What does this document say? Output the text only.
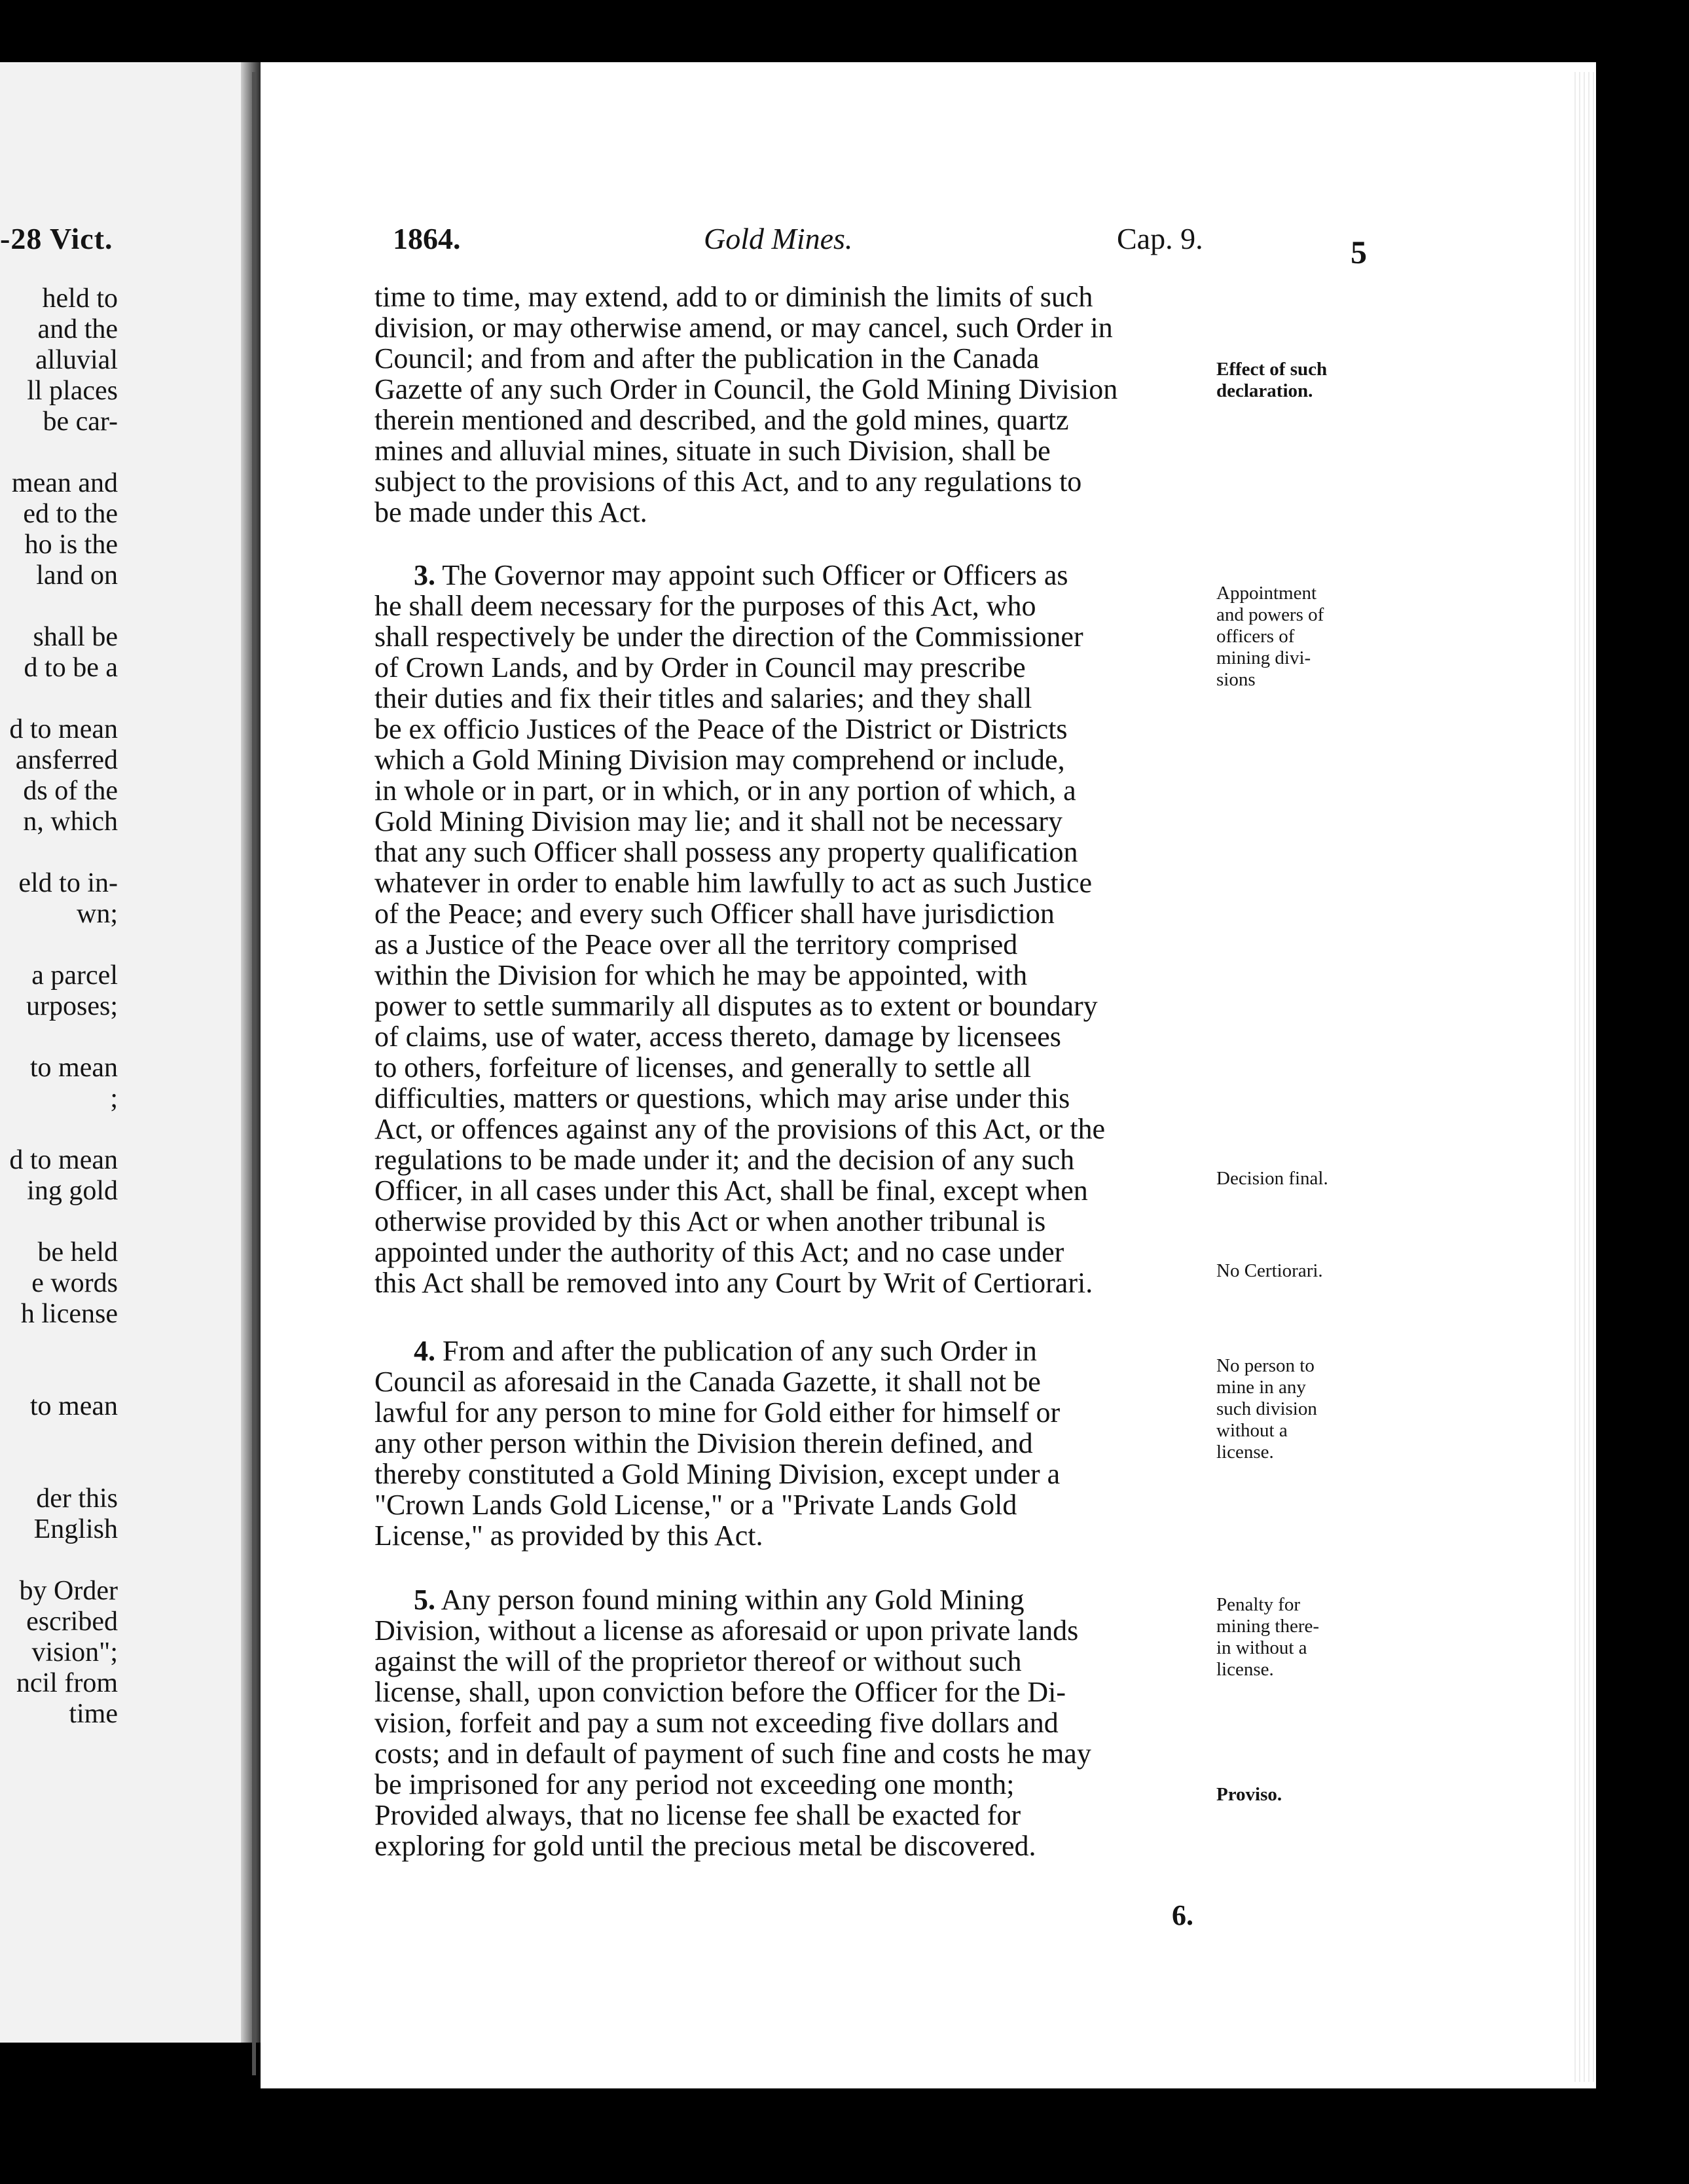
-28 Vict.
held to
and the
alluvial
ll places
be car-
mean and
ed to the
ho is the
land on
shall be
d to be a
d to mean
ansferred
ds of the
n, which
eld to in-
wn;
a parcel
urposes;
to mean
;
d to mean
ing gold
be held
e words
h license
to mean
der this
English
by Order
escribed
vision";
ncil from
time
1864.	Gold Mines.	Cap. 9.	5
time to time, may extend, add to or diminish the limits of such
division, or may otherwise amend, or may cancel, such Order in
Council; and from and after the publication in the Canada
Gazette of any such Order in Council, the Gold Mining Division
therein mentioned and described, and the gold mines, quartz
mines and alluvial mines, situate in such Division, shall be
subject to the provisions of this Act, and to any regulations to
be made under this Act.
3. The Governor may appoint such Officer or Officers as
he shall deem necessary for the purposes of this Act, who
shall respectively be under the direction of the Commissioner
of Crown Lands, and by Order in Council may prescribe
their duties and fix their titles and salaries; and they shall
be ex officio Justices of the Peace of the District or Districts
which a Gold Mining Division may comprehend or include,
in whole or in part, or in which, or in any portion of which, a
Gold Mining Division may lie; and it shall not be necessary
that any such Officer shall possess any property qualification
whatever in order to enable him lawfully to act as such Justice
of the Peace; and every such Officer shall have jurisdiction
as a Justice of the Peace over all the territory comprised
within the Division for which he may be appointed, with
power to settle summarily all disputes as to extent or boundary
of claims, use of water, access thereto, damage by licensees
to others, forfeiture of licenses, and generally to settle all
difficulties, matters or questions, which may arise under this
Act, or offences against any of the provisions of this Act, or the
regulations to be made under it; and the decision of any such
Officer, in all cases under this Act, shall be final, except when
otherwise provided by this Act or when another tribunal is
appointed under the authority of this Act; and no case under
this Act shall be removed into any Court by Writ of Certiorari.
4. From and after the publication of any such Order in
Council as aforesaid in the Canada Gazette, it shall not be
lawful for any person to mine for Gold either for himself or
any other person within the Division therein defined, and
thereby constituted a Gold Mining Division, except under a
"Crown Lands Gold License," or a "Private Lands Gold
License," as provided by this Act.
5. Any person found mining within any Gold Mining
Division, without a license as aforesaid or upon private lands
against the will of the proprietor thereof or without such
license, shall, upon conviction before the Officer for the Di-
vision, forfeit and pay a sum not exceeding five dollars and
costs; and in default of payment of such fine and costs he may
be imprisoned for any period not exceeding one month;
Provided always, that no license fee shall be exacted for
exploring for gold until the precious metal be discovered.
6.
Effect of such
declaration.
Appointment
and powers of
officers of
mining divi-
sions
Decision final.
No Certiorari.
No person to
mine in any
such division
without a
license.
Penalty for
mining there-
in without a
license.
Proviso.
